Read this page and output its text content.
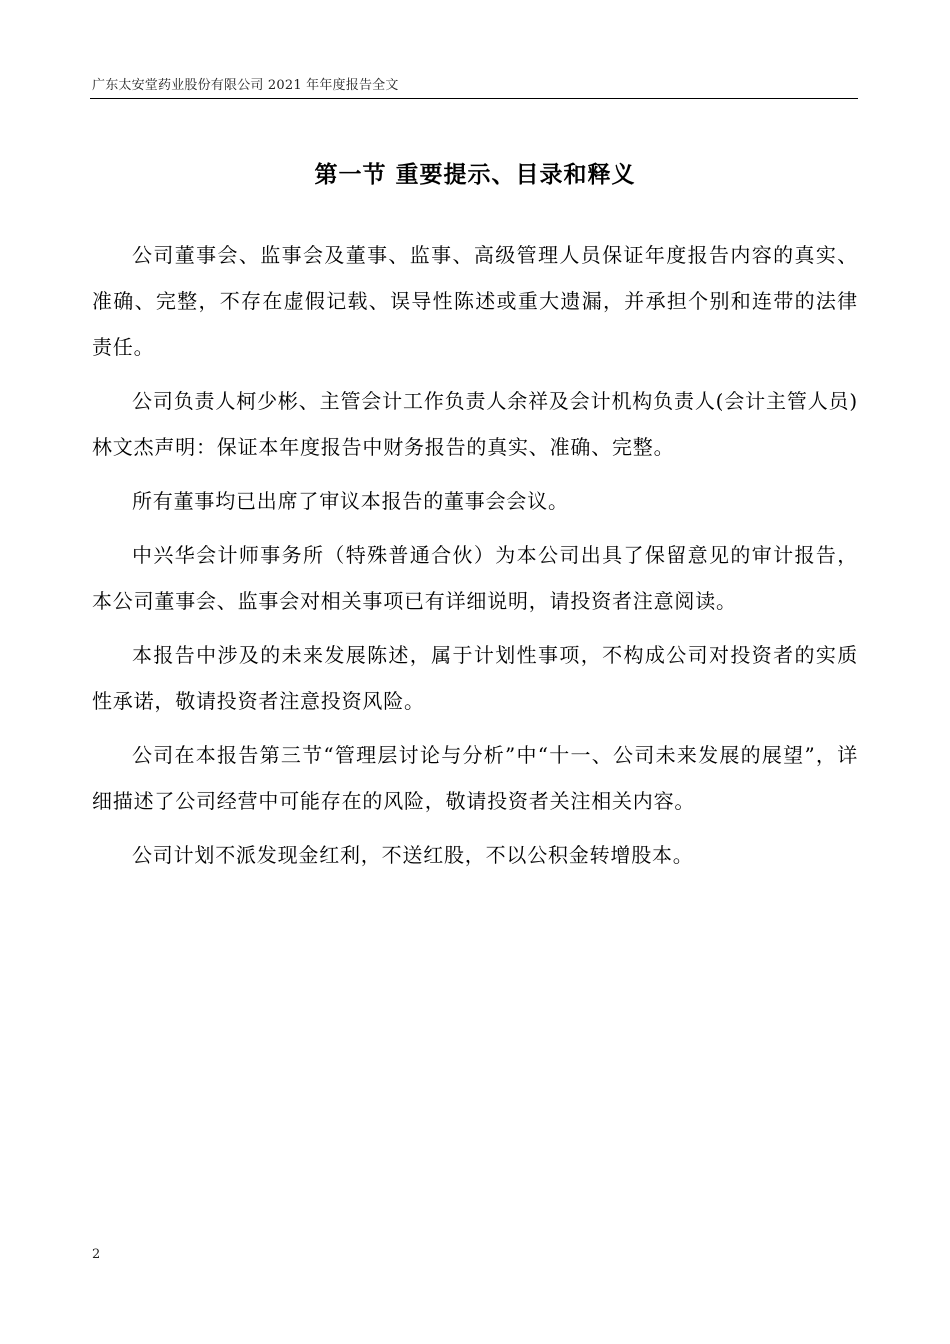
广东太安堂药业股份有限公司 2021 年年度报告全文
第一节 重要提示、目录和释义

公司董事会、监事会及董事、监事、高级管理人员保证年度报告内容的真实、准确、完整，不存在虚假记载、误导性陈述或重大遗漏，并承担个别和连带的法律责任。

公司负责人柯少彬、主管会计工作负责人余祥及会计机构负责人(会计主管人员)林文杰声明：保证本年度报告中财务报告的真实、准确、完整。

所有董事均已出席了审议本报告的董事会会议。

中兴华会计师事务所（特殊普通合伙）为本公司出具了保留意见的审计报告，本公司董事会、监事会对相关事项已有详细说明，请投资者注意阅读。

本报告中涉及的未来发展陈述，属于计划性事项，不构成公司对投资者的实质性承诺，敬请投资者注意投资风险。

公司在本报告第三节“管理层讨论与分析”中“十一、公司未来发展的展望”，详细描述了公司经营中可能存在的风险，敬请投资者关注相关内容。

公司计划不派发现金红利，不送红股，不以公积金转增股本。

2
